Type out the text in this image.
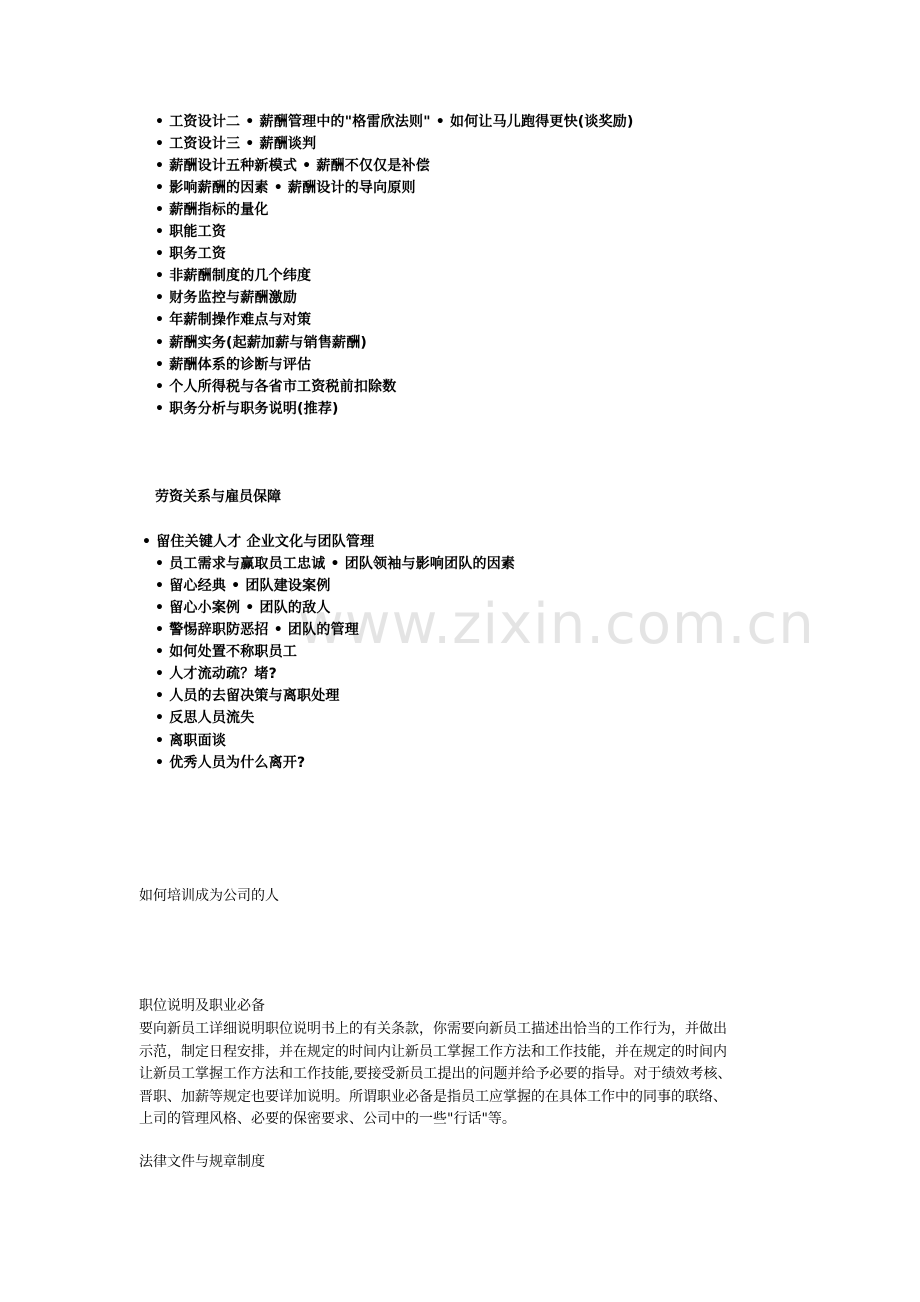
• 工资设计二 • 薪酬管理中的"格雷欣法则" • 如何让马儿跑得更快(谈奖励)
• 工资设计三 • 薪酬谈判
• 薪酬设计五种新模式 • 薪酬不仅仅是补偿
• 影响薪酬的因素 • 薪酬设计的导向原则
• 薪酬指标的量化
• 职能工资
• 职务工资
• 非薪酬制度的几个纬度
• 财务监控与薪酬激励
• 年薪制操作难点与对策
• 薪酬实务(起薪加薪与销售薪酬)
• 薪酬体系的诊断与评估
• 个人所得税与各省市工资税前扣除数
• 职务分析与职务说明(推荐)
劳资关系与雇员保障
• 留住关键人才 企业文化与团队管理
• 员工需求与赢取员工忠诚 • 团队领袖与影响团队的因素
• 留心经典 • 团队建设案例
• 留心小案例 • 团队的敌人
• 警惕辞职防恶招 • 团队的管理
• 如何处置不称职员工
• 人才流动疏？堵?
• 人员的去留决策与离职处理
• 反思人员流失
• 离职面谈
• 优秀人员为什么离开?
www.zixin.com.cn
如何培训成为公司的人
职位说明及职业必备
要向新员工详细说明职位说明书上的有关条款，你需要向新员工描述出恰当的工作行为，并做出
示范，制定日程安排，并在规定的时间内让新员工掌握工作方法和工作技能，并在规定的时间内
让新员工掌握工作方法和工作技能,要接受新员工提出的问题并给予必要的指导。对于绩效考核、
晋职、加薪等规定也要详加说明。所谓职业必备是指员工应掌握的在具体工作中的同事的联络、
上司的管理风格、必要的保密要求、公司中的一些"行话"等。
法律文件与规章制度
